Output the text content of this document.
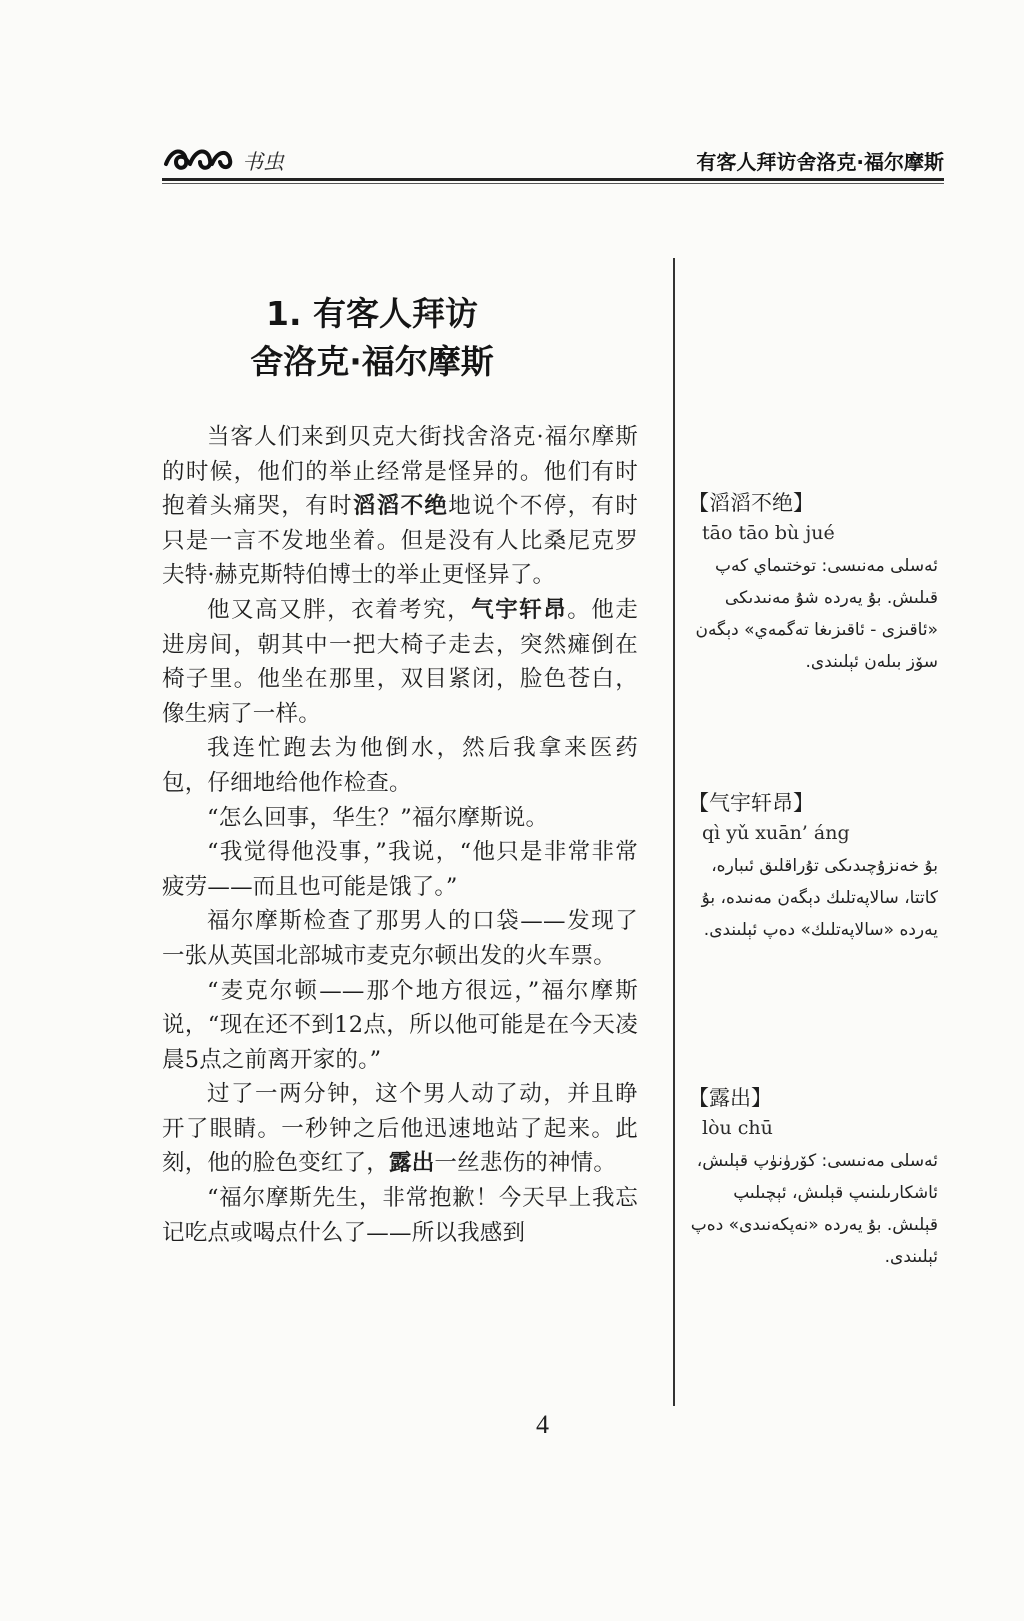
书虫	有客人拜访舍洛克·福尔摩斯
1. 有客人拜访
舍洛克·福尔摩斯

当客人们来到贝克大街找舍洛克·福尔摩斯的时候，他们的举止经常是怪异的。他们有时抱着头痛哭，有时滔滔不绝地说个不停，有时只是一言不发地坐着。但是没有人比桑尼克罗夫特·赫克斯特伯博士的举止更怪异了。

他又高又胖，衣着考究，气宇轩昂。他走进房间，朝其中一把大椅子走去，突然瘫倒在椅子里。他坐在那里，双目紧闭，脸色苍白，像生病了一样。

我连忙跑去为他倒水，然后我拿来医药包，仔细地给他作检查。

“怎么回事，华生？”福尔摩斯说。

“我觉得他没事，”我说，“他只是非常非常疲劳——而且也可能是饿了。”

福尔摩斯检查了那男人的口袋——发现了一张从英国北部城市麦克尔顿出发的火车票。

“麦克尔顿——那个地方很远，”福尔摩斯说，“现在还不到12点，所以他可能是在今天凌晨5点之前离开家的。”

过了一两分钟，这个男人动了动，并且睁开了眼睛。一秒钟之后他迅速地站了起来。此刻，他的脸色变红了，露出一丝悲伤的神情。

“福尔摩斯先生，非常抱歉！今天早上我忘记吃点或喝点什么了——所以我感到

【滔滔不绝】
tāo tāo bù jué
ئەسلى مەنىسى: توختىماي كەپ قىلىش. بۇ يەردە شۇ مەنىدىكى «ئاقىزى - ئاقىزىغا تەگمەي» دېگەن سۆز بىلەن ئېلىندى.
【气宇轩昂】
qì yǔ xuān’ áng
بۇ خەنزۇچىدىكى تۇراقلىق ئىبارە، كاتتا، سالاپەتلىك دېگەن مەنىدە، بۇ يەردە «سالاپەتلىك» دەپ ئېلىندى.
【露出】
lòu chū
ئەسلى مەنىسى: كۆرۈنۈپ قېلىش، ئاشكارىلىنىپ قېلىش، ئېچىلىپ قېلىش. بۇ يەردە «نەپكەنىدى» دەپ ئېلىندى.
4
